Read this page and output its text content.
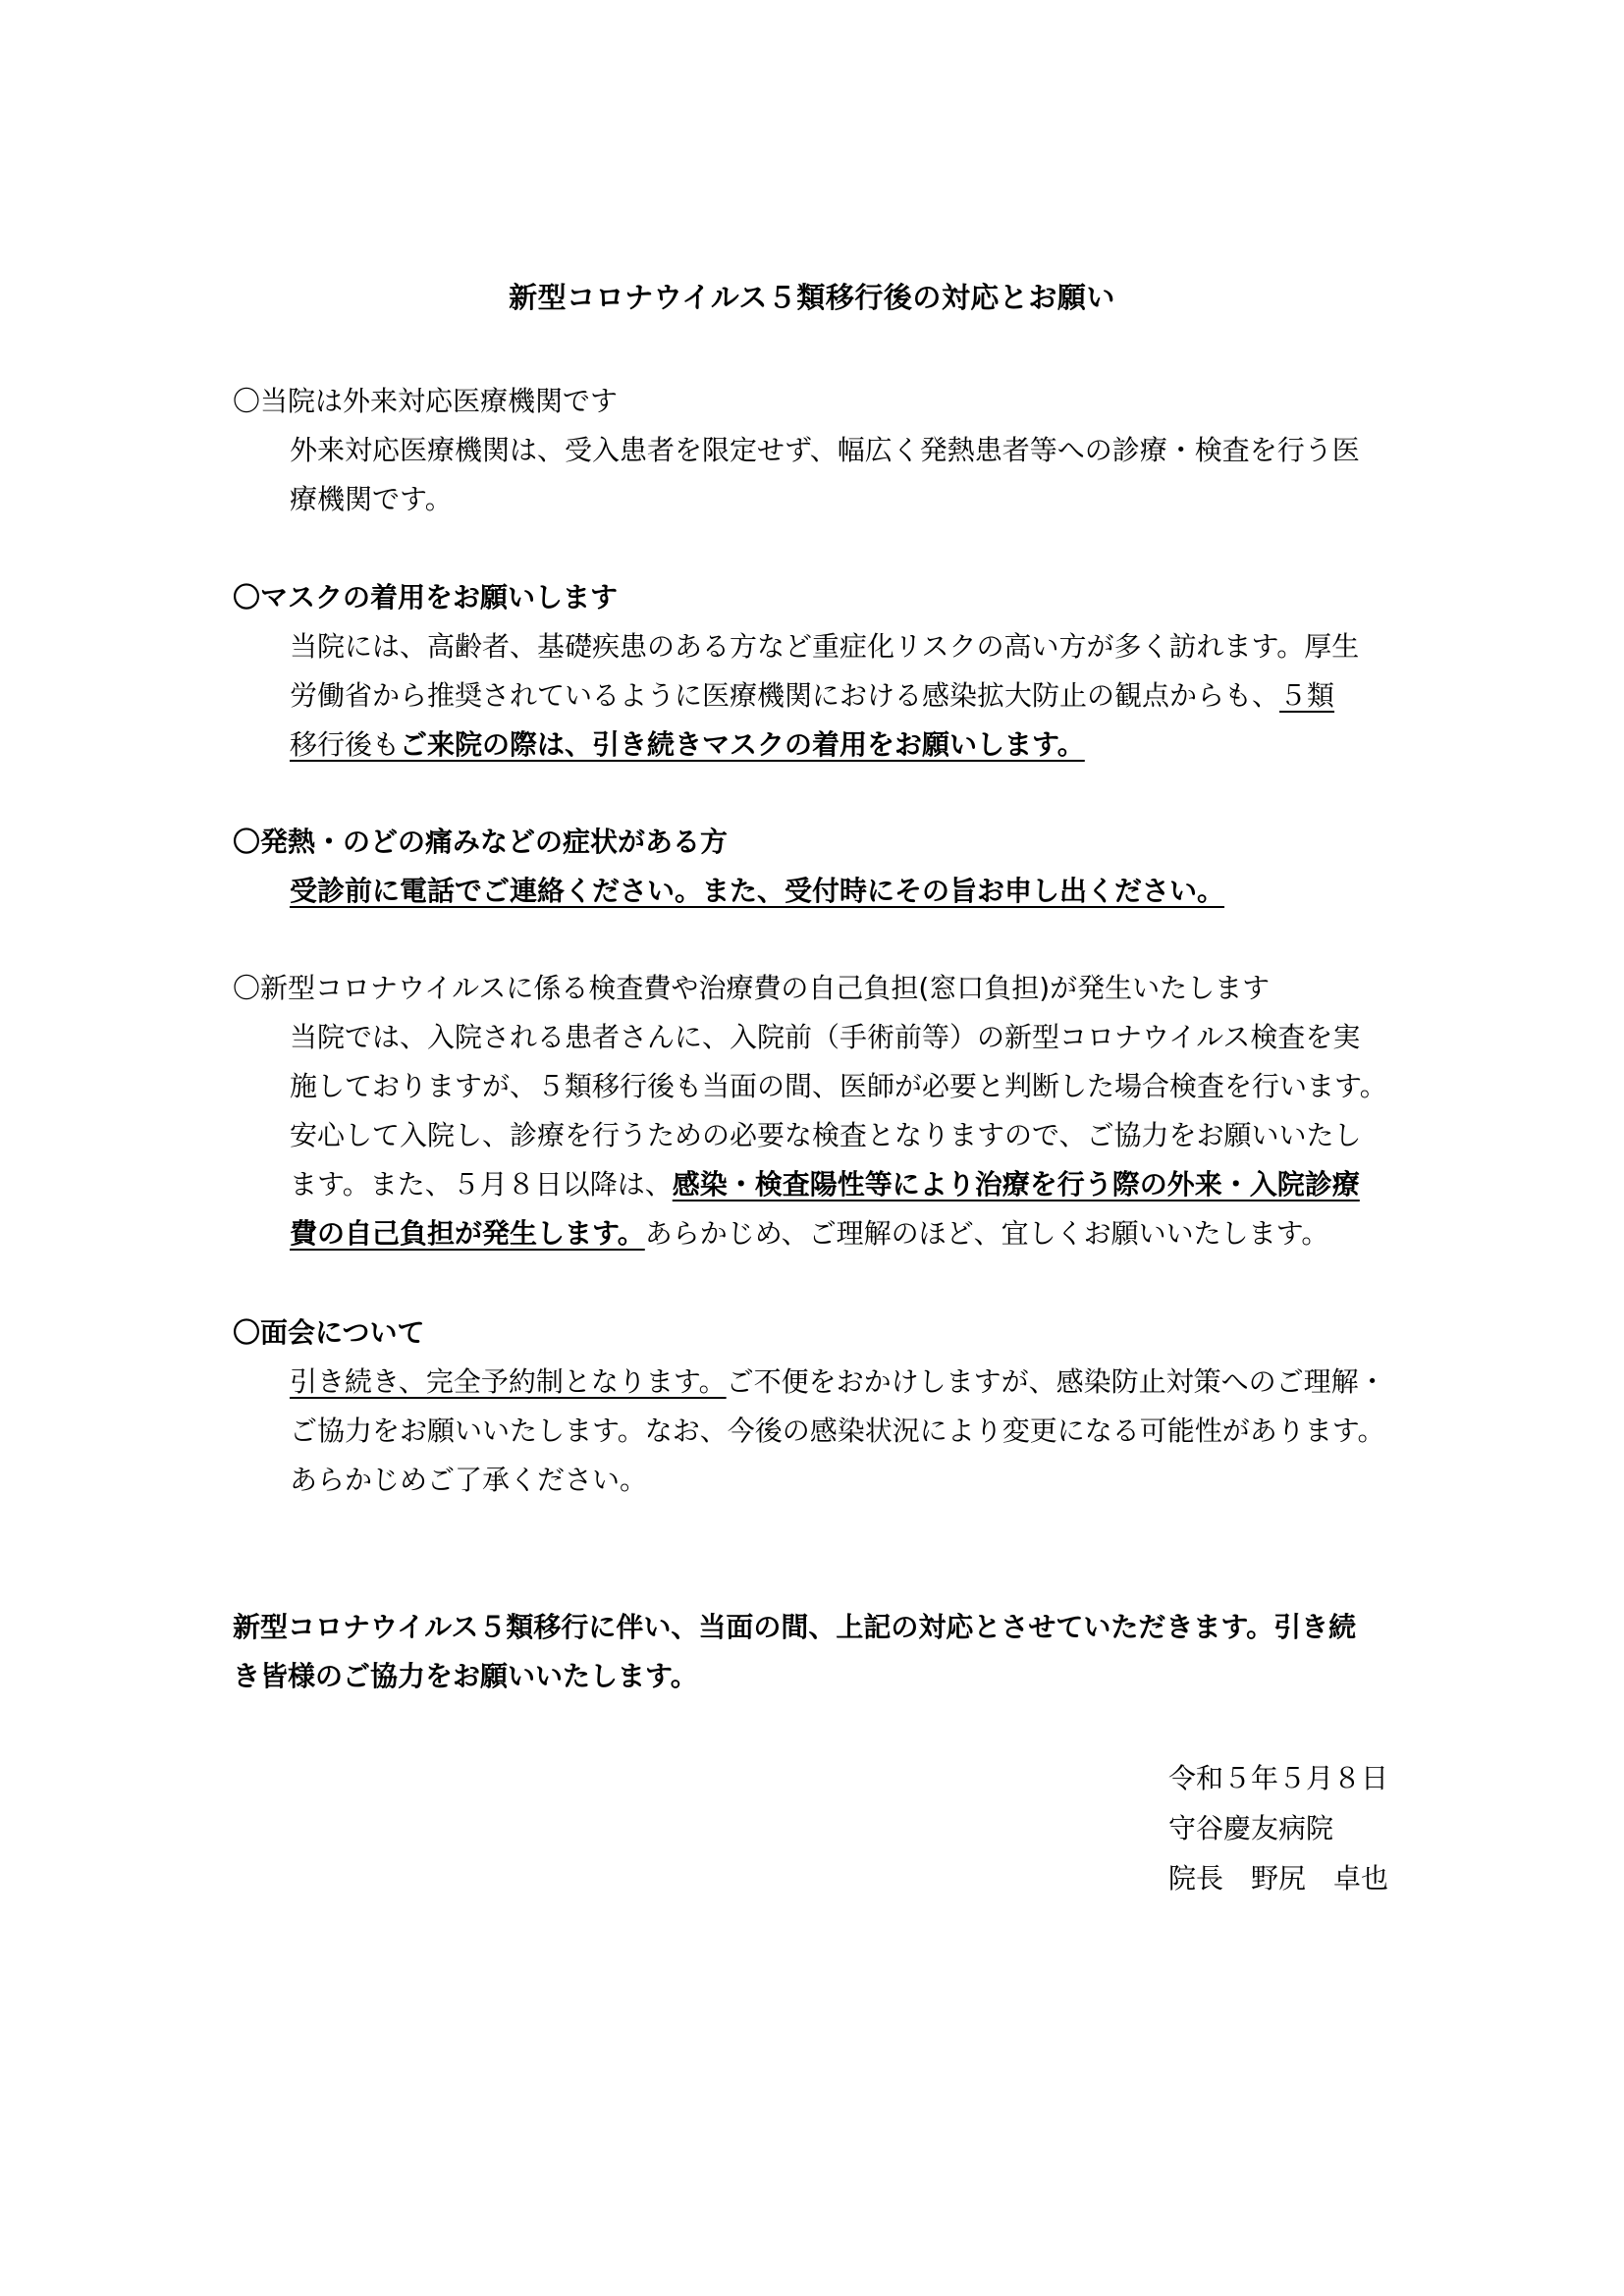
新型コロナウイルス５類移行後の対応とお願い
〇当院は外来対応医療機関です
外来対応医療機関は、受入患者を限定せず、幅広く発熱患者等への診療・検査を行う医
療機関です。
〇マスクの着用をお願いします
当院には、高齢者、基礎疾患のある方など重症化リスクの高い方が多く訪れます。厚生
労働省から推奨されているように医療機関における感染拡大防止の観点からも、５類
移行後もご来院の際は、引き続きマスクの着用をお願いします。
〇発熱・のどの痛みなどの症状がある方
受診前に電話でご連絡ください。また、受付時にその旨お申し出ください。
〇新型コロナウイルスに係る検査費や治療費の自己負担(窓口負担)が発生いたします
当院では、入院される患者さんに、入院前（手術前等）の新型コロナウイルス検査を実
施しておりますが、５類移行後も当面の間、医師が必要と判断した場合検査を行います。
安心して入院し、診療を行うための必要な検査となりますので、ご協力をお願いいたし
ます。また、５月８日以降は、感染・検査陽性等により治療を行う際の外来・入院診療
費の自己負担が発生します。あらかじめ、ご理解のほど、宜しくお願いいたします。
〇面会について
引き続き、完全予約制となります。ご不便をおかけしますが、感染防止対策へのご理解・
ご協力をお願いいたします。なお、今後の感染状況により変更になる可能性があります。
あらかじめご了承ください。
新型コロナウイルス５類移行に伴い、当面の間、上記の対応とさせていただきます。引き続
き皆様のご協力をお願いいたします。
令和５年５月８日
守谷慶友病院
院長　野尻　卓也
